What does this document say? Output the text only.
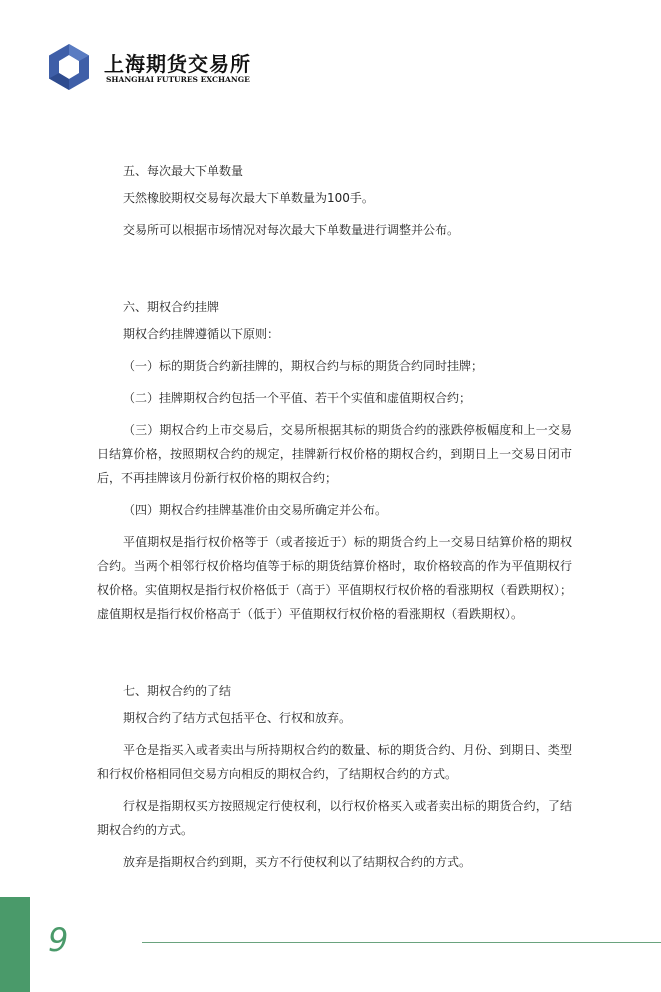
上海期货交易所
SHANGHAI FUTURES EXCHANGE

五、每次最大下单数量

天然橡胶期权交易每次最大下单数量为100手。

交易所可以根据市场情况对每次最大下单数量进行调整并公布。

六、期权合约挂牌

期权合约挂牌遵循以下原则：

（一）标的期货合约新挂牌的，期权合约与标的期货合约同时挂牌；

（二）挂牌期权合约包括一个平值、若干个实值和虚值期权合约；

（三）期权合约上市交易后，交易所根据其标的期货合约的涨跌停板幅度和上一交易日结算价格，按照期权合约的规定，挂牌新行权价格的期权合约，到期日上一交易日闭市后，不再挂牌该月份新行权价格的期权合约；

（四）期权合约挂牌基准价由交易所确定并公布。

平值期权是指行权价格等于（或者接近于）标的期货合约上一交易日结算价格的期权合约。当两个相邻行权价格均值等于标的期货结算价格时，取价格较高的作为平值期权行权价格。实值期权是指行权价格低于（高于）平值期权行权价格的看涨期权（看跌期权）；虚值期权是指行权价格高于（低于）平值期权行权价格的看涨期权（看跌期权）。

七、期权合约的了结

期权合约了结方式包括平仓、行权和放弃。

平仓是指买入或者卖出与所持期权合约的数量、标的期货合约、月份、到期日、类型和行权价格相同但交易方向相反的期权合约，了结期权合约的方式。

行权是指期权买方按照规定行使权利，以行权价格买入或者卖出标的期货合约，了结期权合约的方式。

放弃是指期权合约到期，买方不行使权利以了结期权合约的方式。

9
